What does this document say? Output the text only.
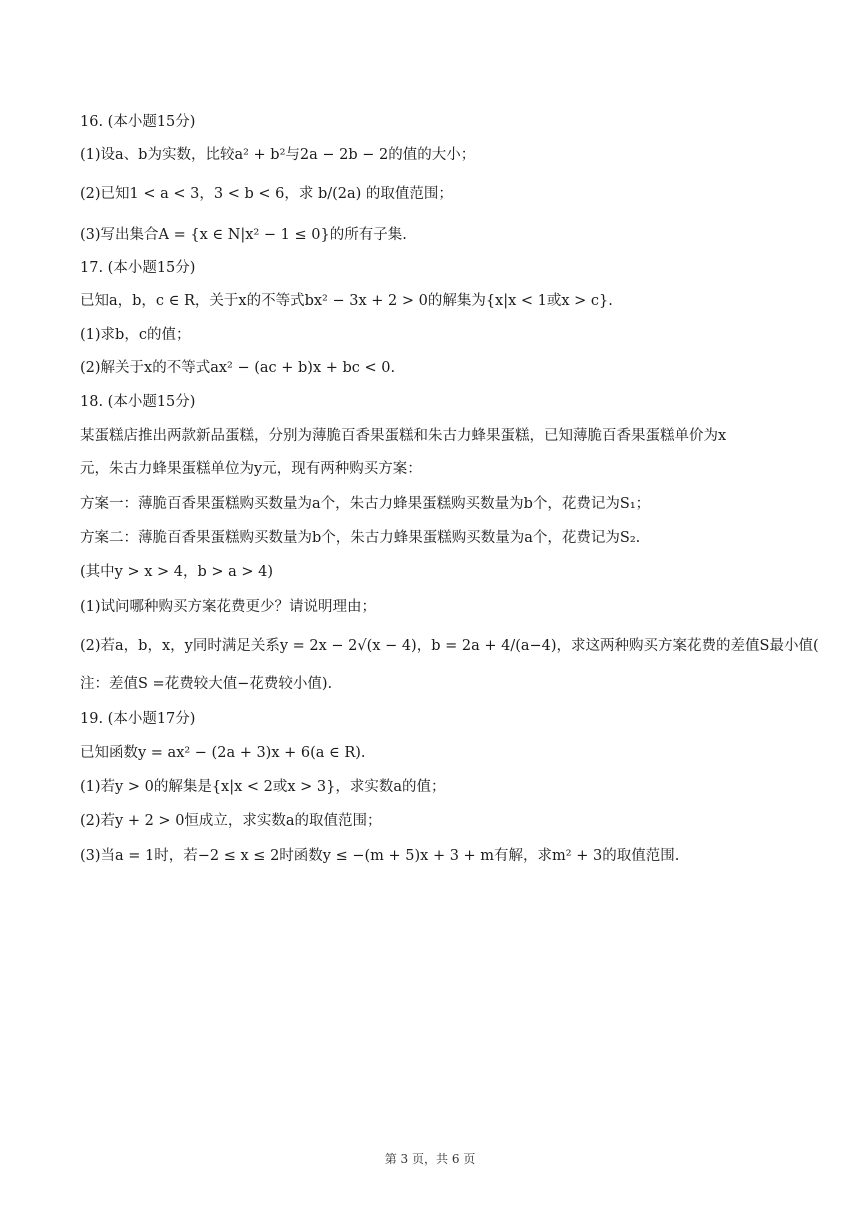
16. (本小题15分)
(1)设a、b为实数，比较a² + b²与2a − 2b − 2的值的大小；
(2)已知1 < a < 3，3 < b < 6，求 b/(2a) 的取值范围；
(3)写出集合A = {x ∈ N|x² − 1 ≤ 0}的所有子集.
17. (本小题15分)
已知a，b，c ∈ R，关于x的不等式bx² − 3x + 2 > 0的解集为{x|x < 1或x > c}.
(1)求b，c的值；
(2)解关于x的不等式ax² − (ac + b)x + bc < 0.
18. (本小题15分)
某蛋糕店推出两款新品蛋糕，分别为薄脆百香果蛋糕和朱古力蜂果蛋糕，已知薄脆百香果蛋糕单价为x
元，朱古力蜂果蛋糕单位为y元，现有两种购买方案：
方案一：薄脆百香果蛋糕购买数量为a个，朱古力蜂果蛋糕购买数量为b个，花费记为S₁；
方案二：薄脆百香果蛋糕购买数量为b个，朱古力蜂果蛋糕购买数量为a个，花费记为S₂.
(其中y > x > 4，b > a > 4)
(1)试问哪种购买方案花费更少？请说明理由；
(2)若a，b，x，y同时满足关系y = 2x − 2√(x − 4)，b = 2a + 4/(a−4)，求这两种购买方案花费的差值S最小值(
注：差值S =花费较大值−花费较小值).
19. (本小题17分)
已知函数y = ax² − (2a + 3)x + 6(a ∈ R).
(1)若y > 0的解集是{x|x < 2或x > 3}，求实数a的值；
(2)若y + 2 > 0恒成立，求实数a的取值范围；
(3)当a = 1时，若−2 ≤ x ≤ 2时函数y ≤ −(m + 5)x + 3 + m有解，求m² + 3的取值范围.
第 3 页，共 6 页
